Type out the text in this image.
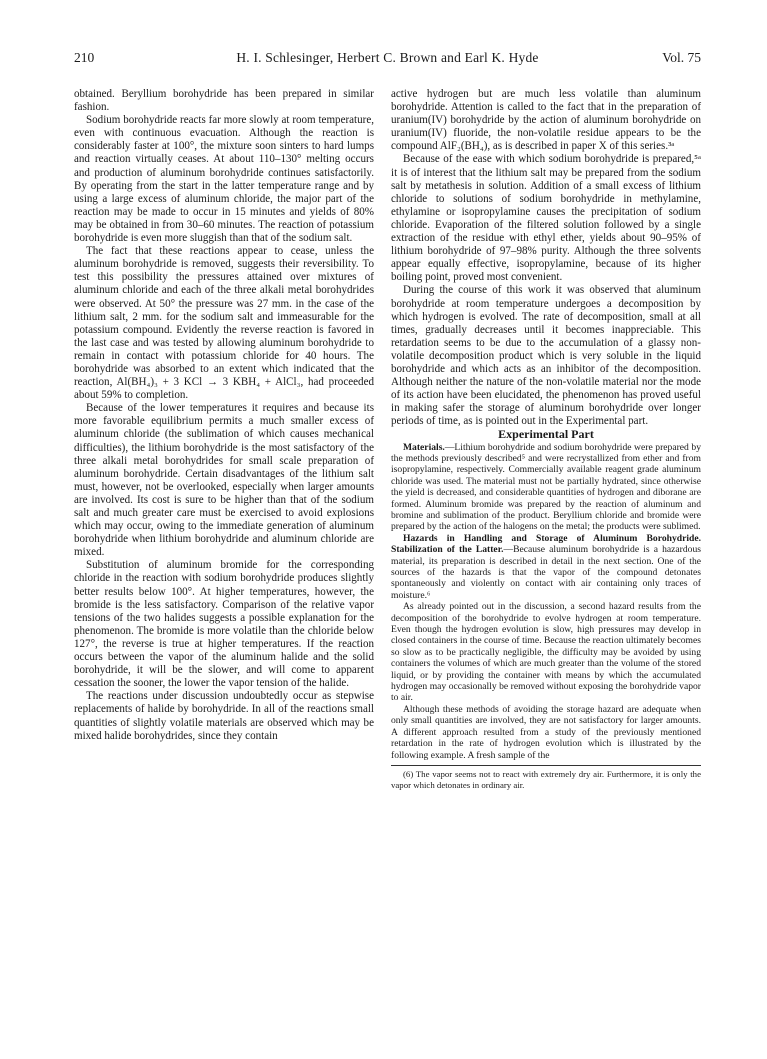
210	H. I. Schlesinger, Herbert C. Brown and Earl K. Hyde	Vol. 75

obtained. Beryllium borohydride has been prepared in similar fashion.

Sodium borohydride reacts far more slowly at room temperature, even with continuous evacuation. Although the reaction is considerably faster at 100°, the mixture soon sinters to hard lumps and reaction virtually ceases. At about 110–130° melting occurs and production of aluminum borohydride continues satisfactorily. By operating from the start in the latter temperature range and by using a large excess of aluminum chloride, the major part of the reaction may be made to occur in 15 minutes and yields of 80% may be obtained in from 30–60 minutes. The reaction of potassium borohydride is even more sluggish than that of the sodium salt.

The fact that these reactions appear to cease, unless the aluminum borohydride is removed, suggests their reversibility. To test this possibility the pressures attained over mixtures of aluminum chloride and each of the three alkali metal borohydrides were observed. At 50° the pressure was 27 mm. in the case of the lithium salt, 2 mm. for the sodium salt and immeasurable for the potassium compound. Evidently the reverse reaction is favored in the last case and was tested by allowing aluminum borohydride to remain in contact with potassium chloride for 40 hours. The borohydride was absorbed to an extent which indicated that the reaction, Al(BH₄)₃ + 3 KCl → 3 KBH₄ + AlCl₃, had proceeded about 59% to completion.

Because of the lower temperatures it requires and because its more favorable equilibrium permits a much smaller excess of aluminum chloride (the sublimation of which causes mechanical difficulties), the lithium borohydride is the most satisfactory of the three alkali metal borohydrides for small scale preparation of aluminum borohydride. Certain disadvantages of the lithium salt must, however, not be overlooked, especially when larger amounts are involved. Its cost is sure to be higher than that of the sodium salt and much greater care must be exercised to avoid explosions which may occur, owing to the immediate generation of aluminum borohydride when lithium borohydride and aluminum chloride are mixed.

Substitution of aluminum bromide for the corresponding chloride in the reaction with sodium borohydride produces slightly better results below 100°. At higher temperatures, however, the bromide is the less satisfactory. Comparison of the relative vapor tensions of the two halides suggests a possible explanation for the phenomenon. The bromide is more volatile than the chloride below 127°, the reverse is true at higher temperatures. If the reaction occurs between the vapor of the aluminum halide and the solid borohydride, it will be the slower, and will come to apparent cessation the sooner, the lower the vapor tension of the halide.

The reactions under discussion undoubtedly occur as stepwise replacements of halide by borohydride. In all of the reactions small quantities of slightly volatile materials are observed which may be mixed halide borohydrides, since they contain

active hydrogen but are much less volatile than aluminum borohydride. Attention is called to the fact that in the preparation of uranium(IV) borohydride by the action of aluminum borohydride on uranium(IV) fluoride, the non-volatile residue appears to be the compound AlF₂(BH₄), as is described in paper X of this series.³ᵃ

Because of the ease with which sodium borohydride is prepared,⁵ᵃ it is of interest that the lithium salt may be prepared from the sodium salt by metathesis in solution. Addition of a small excess of lithium chloride to solutions of sodium borohydride in methylamine, ethylamine or isopropylamine causes the precipitation of sodium chloride. Evaporation of the filtered solution followed by a single extraction of the residue with ethyl ether, yields about 90–95% of lithium borohydride of 97–98% purity. Although the three solvents appear equally effective, isopropylamine, because of its higher boiling point, proved most convenient.

During the course of this work it was observed that aluminum borohydride at room temperature undergoes a decomposition by which hydrogen is evolved. The rate of decomposition, small at all times, gradually decreases until it becomes inappreciable. This retardation seems to be due to the accumulation of a glassy non-volatile decomposition product which is very soluble in the liquid borohydride and which acts as an inhibitor of the decomposition. Although neither the nature of the non-volatile material nor the mode of its action have been elucidated, the phenomenon has proved useful in making safer the storage of aluminum borohydride over longer periods of time, as is pointed out in the Experimental part.

Experimental Part

Materials.—Lithium borohydride and sodium borohydride were prepared by the methods previously described⁵ and were recrystallized from ether and from isopropylamine, respectively. Commercially available reagent grade aluminum chloride was used. The material must not be partially hydrated, since otherwise the yield is decreased, and considerable quantities of hydrogen and diborane are formed. Aluminum bromide was prepared by the reaction of aluminum and bromine and sublimation of the product. Beryllium chloride and bromide were prepared by the action of the halogens on the metal; the products were sublimed.

Hazards in Handling and Storage of Aluminum Borohydride. Stabilization of the Latter.—Because aluminum borohydride is a hazardous material, its preparation is described in detail in the next section. One of the sources of the hazards is that the vapor of the compound detonates spontaneously and violently on contact with air containing only traces of moisture.⁶

As already pointed out in the discussion, a second hazard results from the decomposition of the borohydride to evolve hydrogen at room temperature. Even though the hydrogen evolution is slow, high pressures may develop in closed containers in the course of time. Because the reaction ultimately becomes so slow as to be practically negligible, the difficulty may be avoided by using containers the volumes of which are much greater than the volume of the stored liquid, or by providing the container with means by which the accumulated hydrogen may occasionally be removed without exposing the borohydride vapor to air.

Although these methods of avoiding the storage hazard are adequate when only small quantities are involved, they are not satisfactory for larger amounts. A different approach resulted from a study of the previously mentioned retardation in the rate of hydrogen evolution which is illustrated by the following example. A fresh sample of the

(6) The vapor seems not to react with extremely dry air. Furthermore, it is only the vapor which detonates in ordinary air.
